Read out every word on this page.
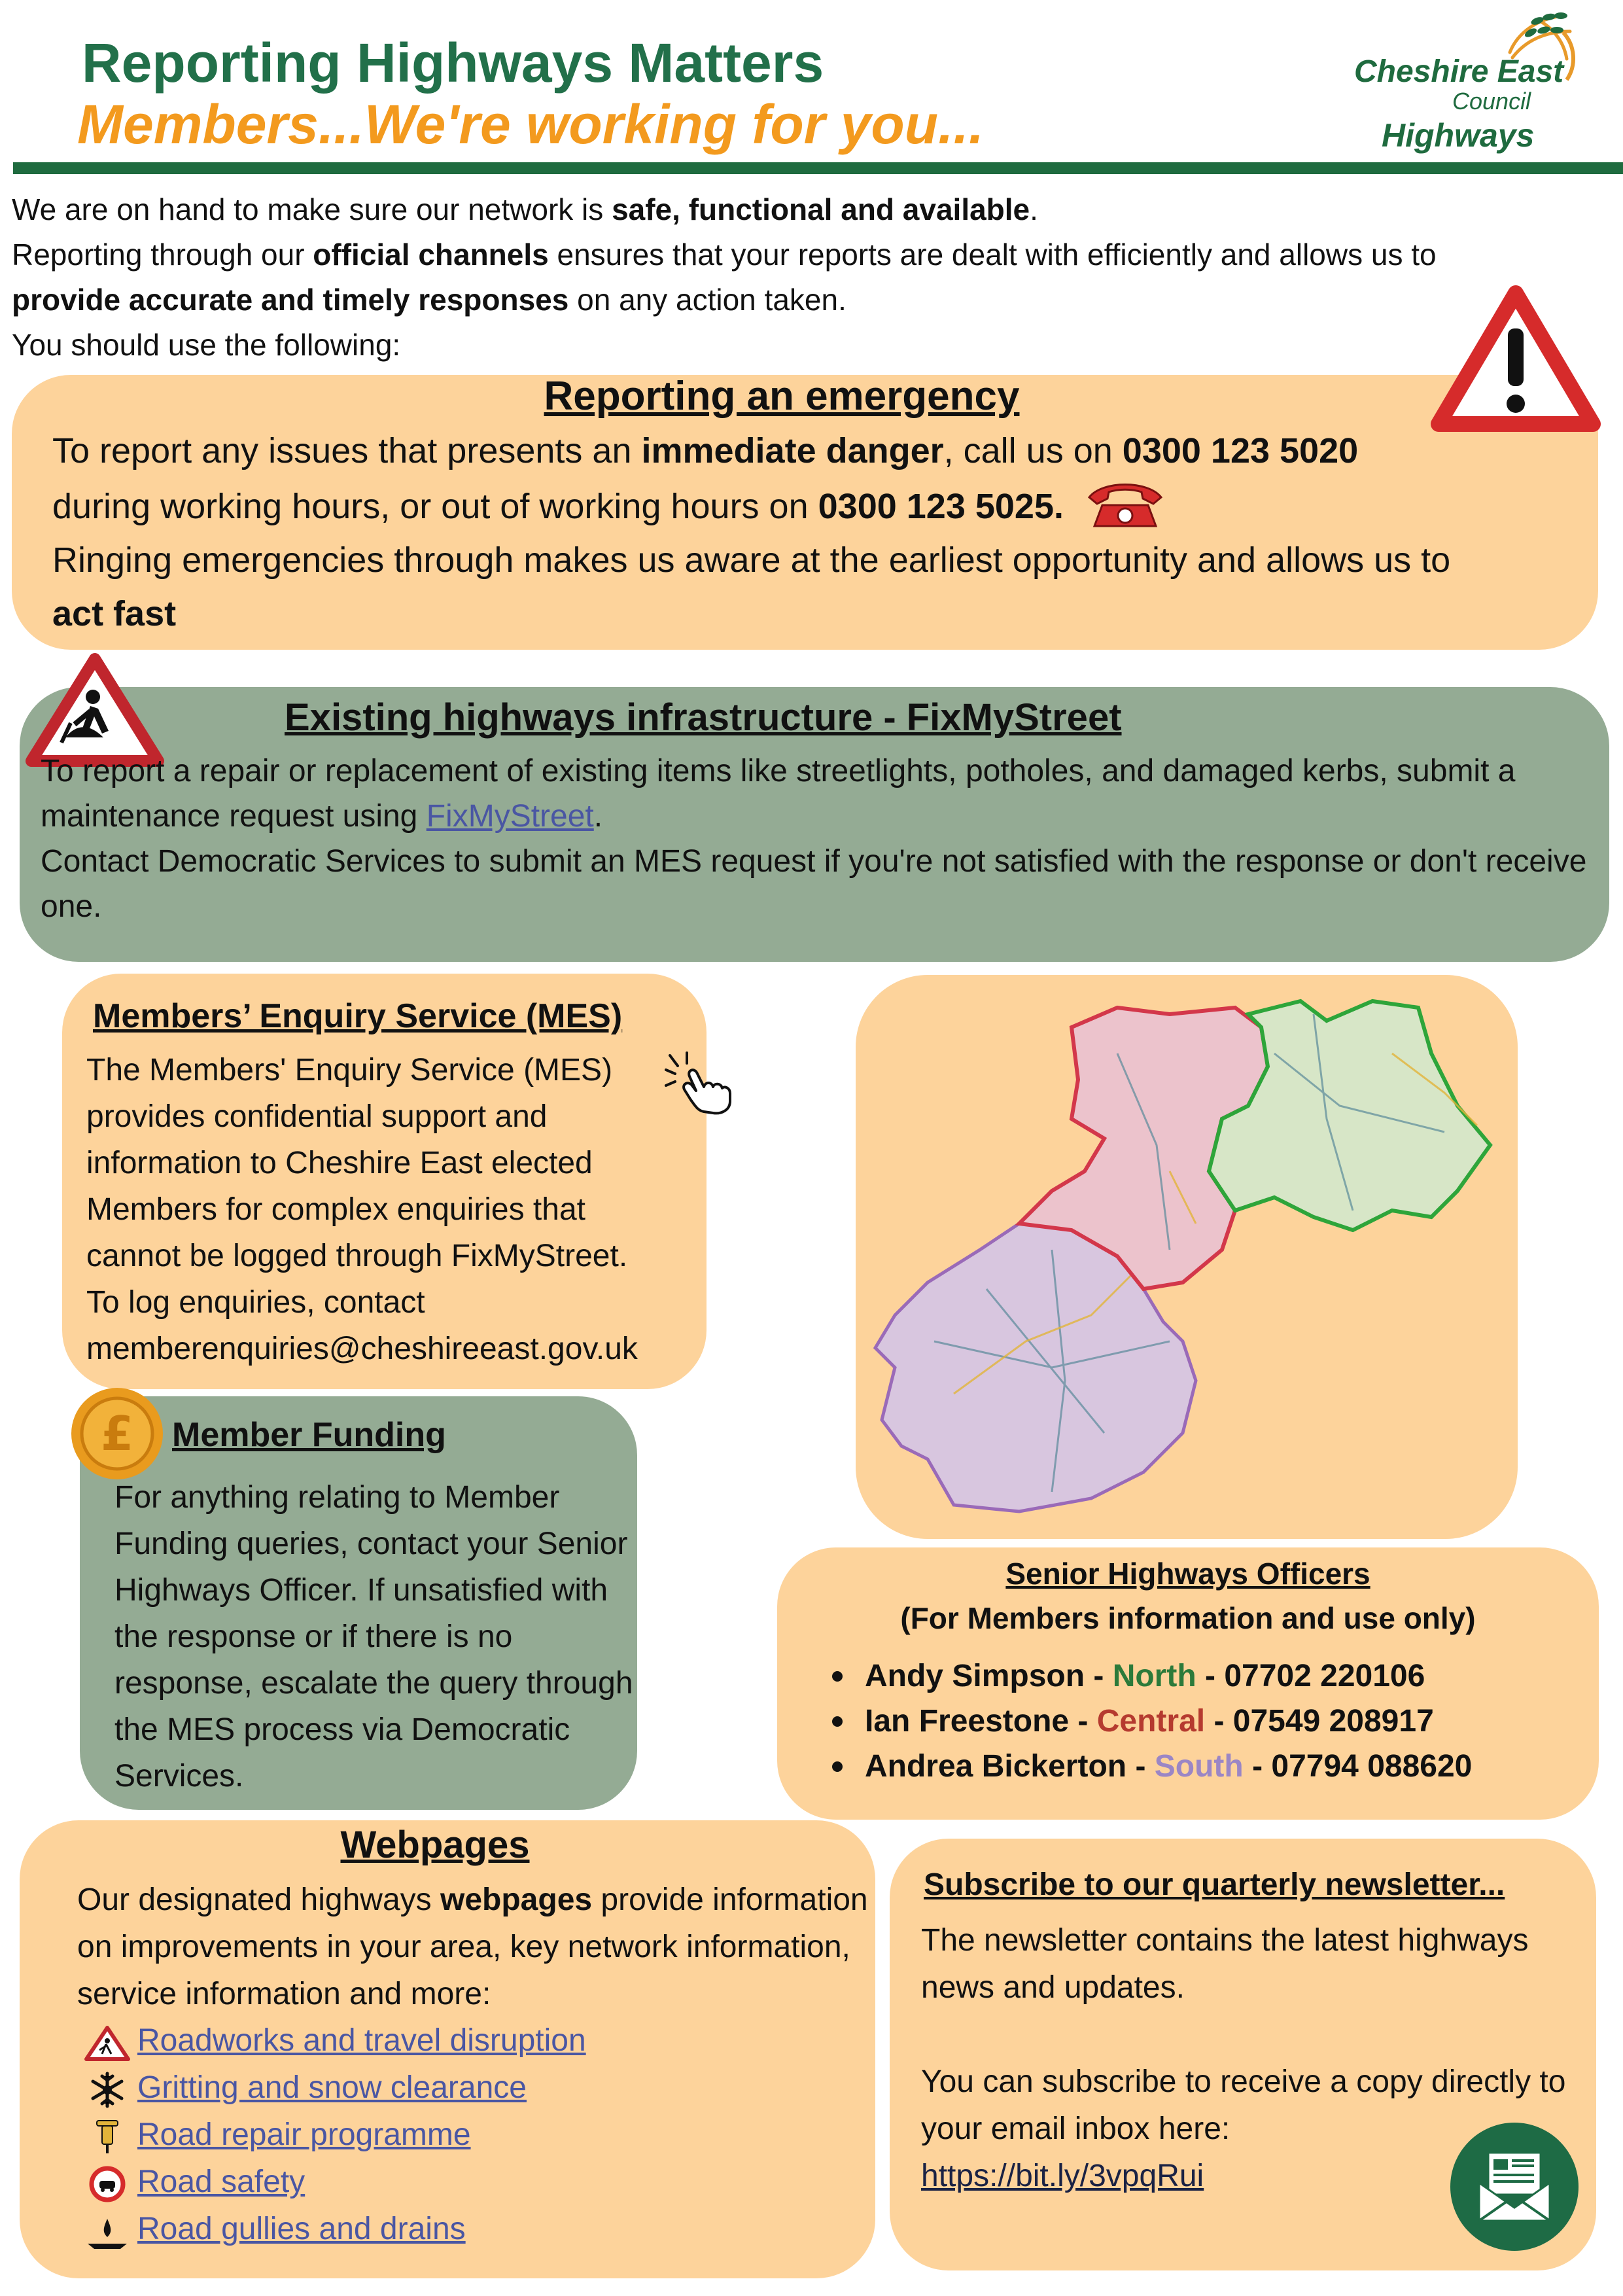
Reporting Highways Matters
Members...We're working for you...
Cheshire East
Council
Highways
We are on hand to make sure our network is safe, functional and available.
Reporting through our official channels ensures that your reports are dealt with efficiently and allows us to
provide accurate and timely responses on any action taken.
You should use the following:
Reporting an emergency
To report any issues that presents an immediate danger, call us on 0300 123 5020
during working hours, or out of working hours on 0300 123 5025.
Ringing emergencies through makes us aware at the earliest opportunity and allows us to
act fast
Existing highways infrastructure - FixMyStreet
To report a repair or replacement of existing items like streetlights, potholes, and damaged kerbs, submit a maintenance request using FixMyStreet.
Contact Democratic Services to submit an MES request if you're not satisfied with the response or don't receive one.
Members’ Enquiry Service (MES)
The Members' Enquiry Service (MES) provides confidential support and information to Cheshire East elected Members for complex enquiries that cannot be logged through FixMyStreet. To log enquiries, contact
memberenquiries@cheshireeast.gov.uk
£ Member Funding
For anything relating to Member Funding queries, contact your Senior Highways Officer. If unsatisfied with the response or if there is no response, escalate the query through the MES process via Democratic Services.
Senior Highways Officers
(For Members information and use only)
Andy Simpson - North - 07702 220106
Ian Freestone - Central - 07549 208917
Andrea Bickerton - South - 07794 088620
Webpages
Our designated highways webpages provide information on improvements in your area, key network information, service information and more:
Roadworks and travel disruption
Gritting and snow clearance
Road repair programme
Road safety
Road gullies and drains
Subscribe to our quarterly newsletter...
The newsletter contains the latest highways news and updates.
You can subscribe to receive a copy directly to your email inbox here:
https://bit.ly/3vpqRui
